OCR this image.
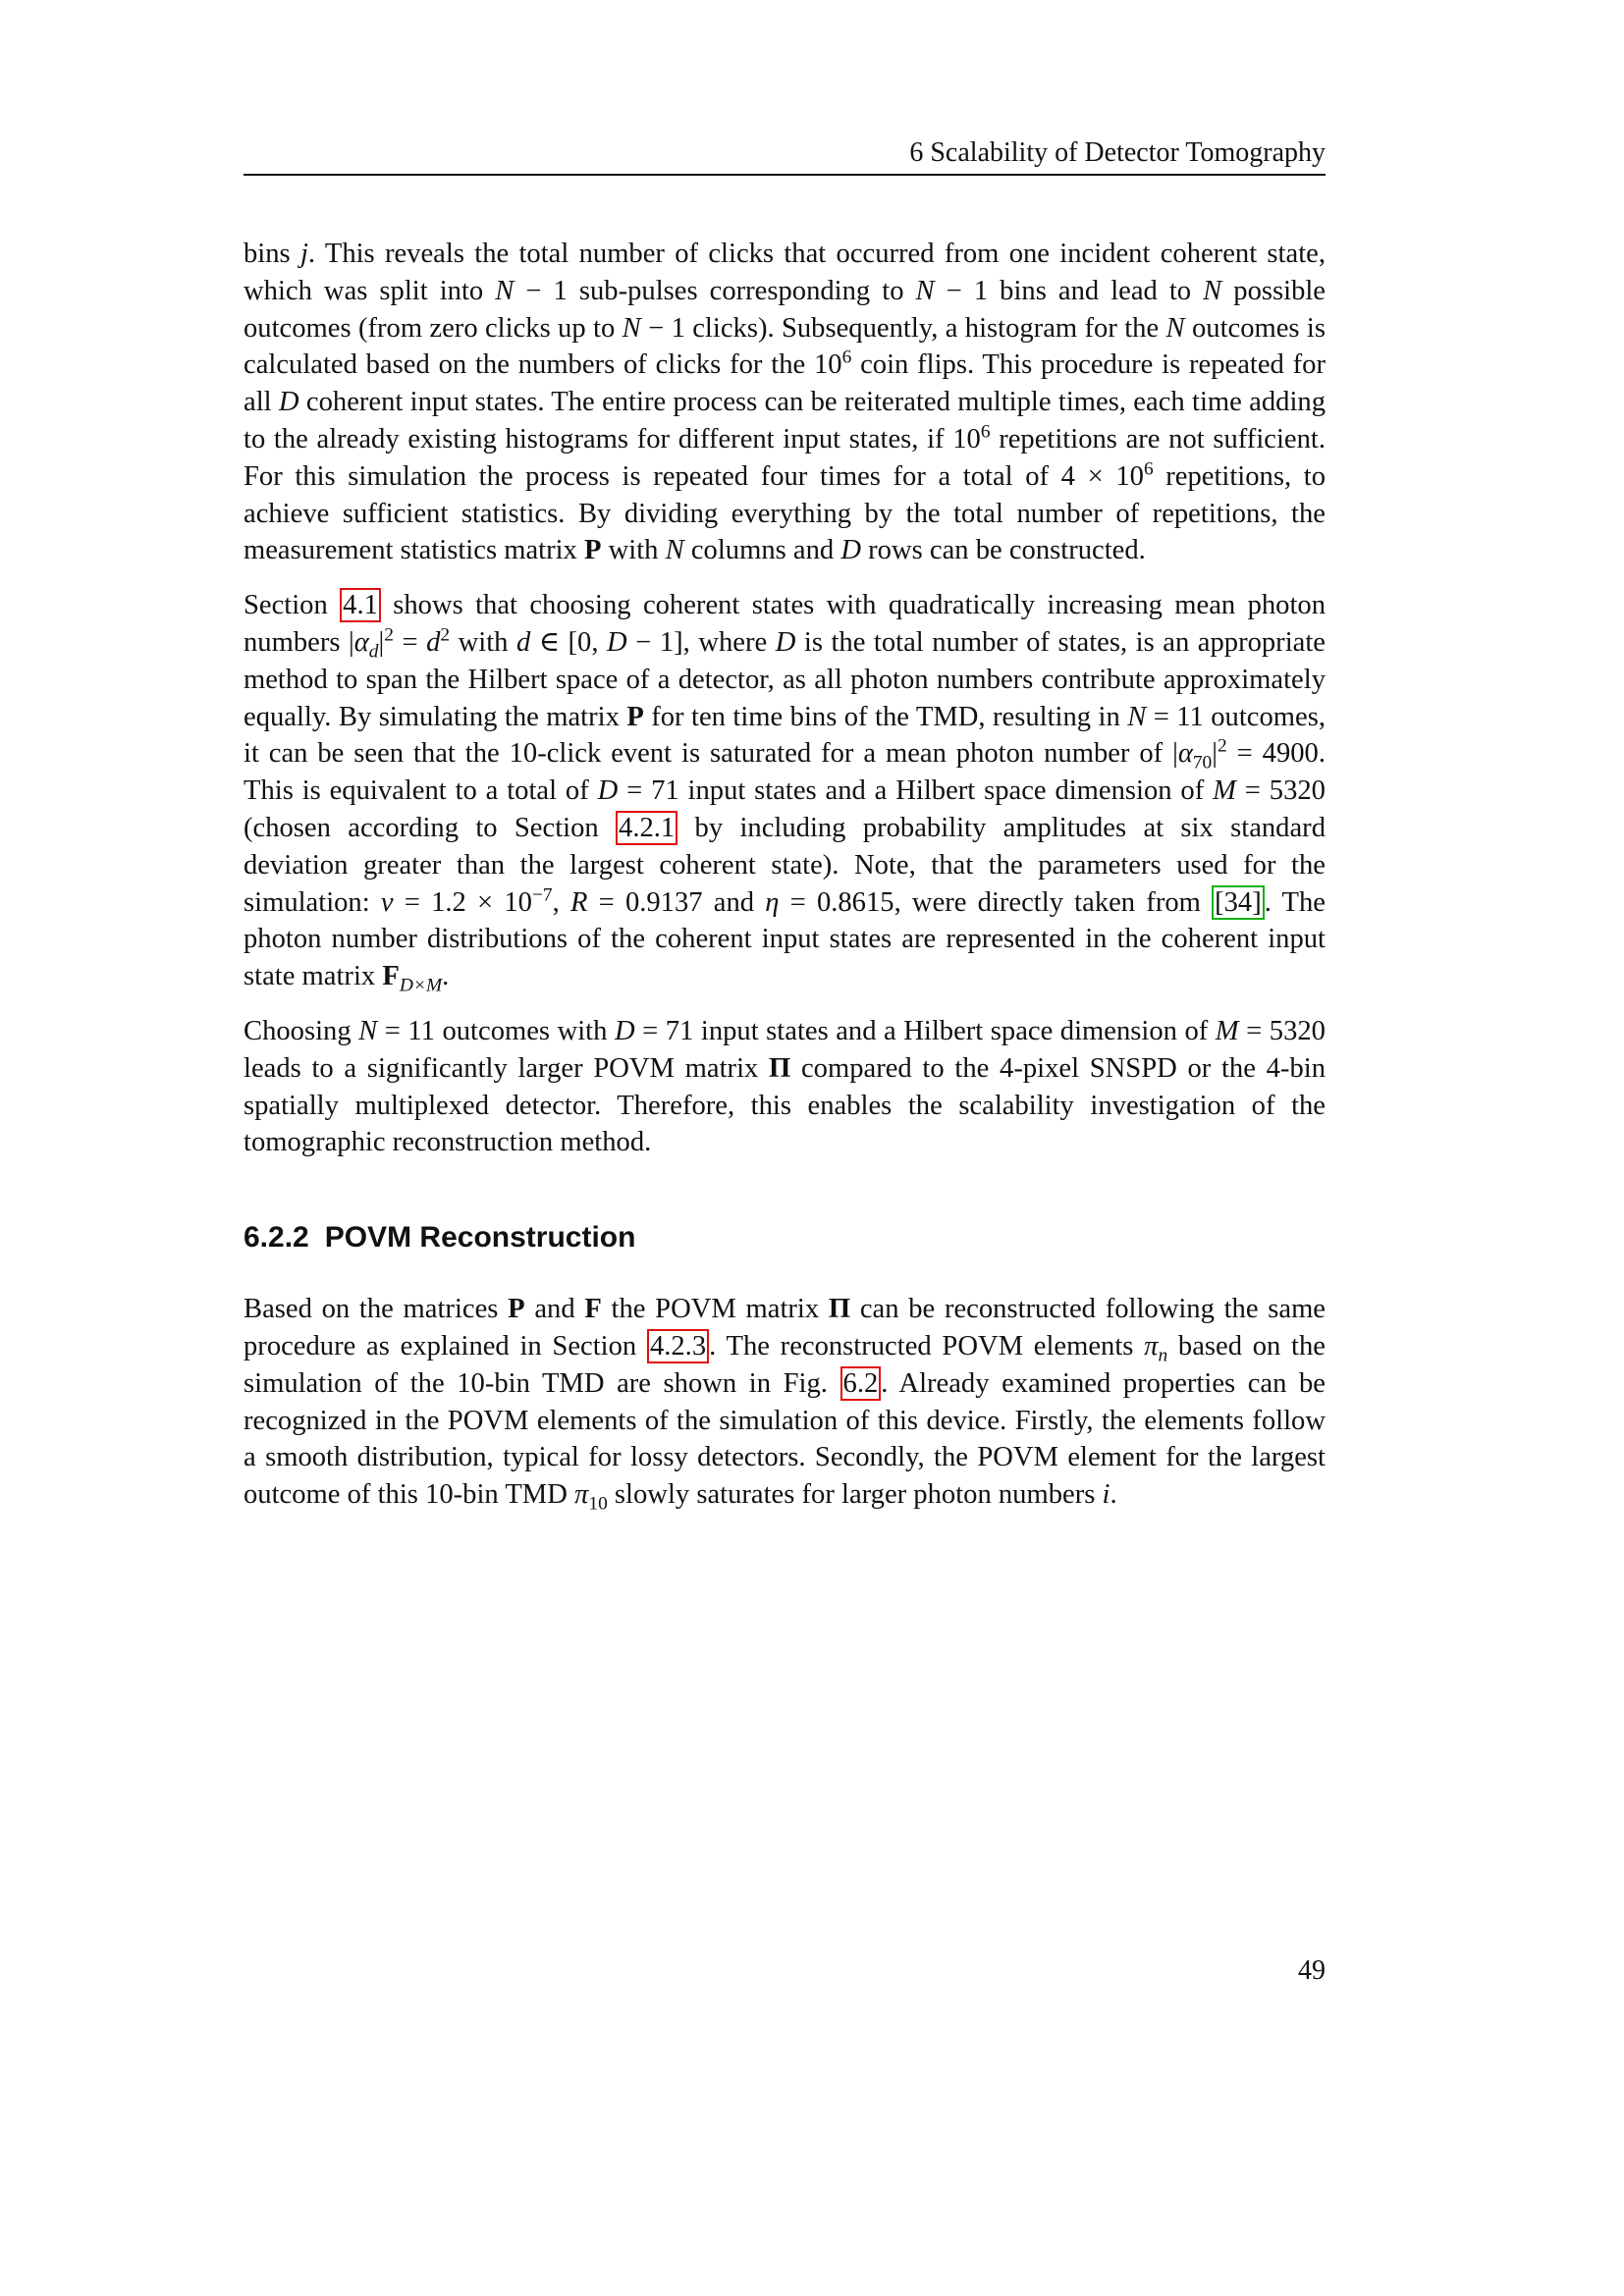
6 Scalability of Detector Tomography

bins j. This reveals the total number of clicks that occurred from one incident coherent state, which was split into N − 1 sub-pulses corresponding to N − 1 bins and lead to N possible outcomes (from zero clicks up to N − 1 clicks). Subsequently, a histogram for the N outcomes is calculated based on the numbers of clicks for the $10^6$ coin flips. This procedure is repeated for all D coherent input states. The entire process can be reiterated multiple times, each time adding to the already existing histograms for different input states, if $10^6$ repetitions are not sufficient. For this simulation the process is repeated four times for a total of $4 \times 10^6$ repetitions, to achieve sufficient statistics. By dividing everything by the total number of repetitions, the measurement statistics matrix P with N columns and D rows can be constructed.

Section 4.1 shows that choosing coherent states with quadratically increasing mean photon numbers $|\alpha_d|^2 = d^2$ with d ∈ [0, D − 1], where D is the total number of states, is an appropriate method to span the Hilbert space of a detector, as all photon numbers contribute approximately equally. By simulating the matrix P for ten time bins of the TMD, resulting in N = 11 outcomes, it can be seen that the 10-click event is saturated for a mean photon number of $|\alpha_{70}|^2 = 4900$. This is equivalent to a total of D = 71 input states and a Hilbert space dimension of M = 5320 (chosen according to Section 4.2.1 by including probability amplitudes at six standard deviation greater than the largest coherent state). Note, that the parameters used for the simulation: $\nu = 1.2 \times 10^{-7}$, R = 0.9137 and η = 0.8615, were directly taken from [34] . The photon number distributions of the coherent input states are represented in the coherent input state matrix $F_{D\times M}$.

Choosing N = 11 outcomes with D = 71 input states and a Hilbert space dimension of M = 5320 leads to a significantly larger POVM matrix Π compared to the 4-pixel SNSPD or the 4-bin spatially multiplexed detector. Therefore, this enables the scalability investigation of the tomographic reconstruction method.

6.2.2 POVM Reconstruction

Based on the matrices P and F the POVM matrix Π can be reconstructed following the same procedure as explained in Section 4.2.3 . The reconstructed POVM elements $\pi_n$ based on the simulation of the 10-bin TMD are shown in Fig. 6.2 . Already examined properties can be recognized in the POVM elements of the simulation of this device. Firstly, the elements follow a smooth distribution, typical for lossy detectors. Secondly, the POVM element for the largest outcome of this 10-bin TMD $\pi_{10}$ slowly saturates for larger photon numbers i.

49
